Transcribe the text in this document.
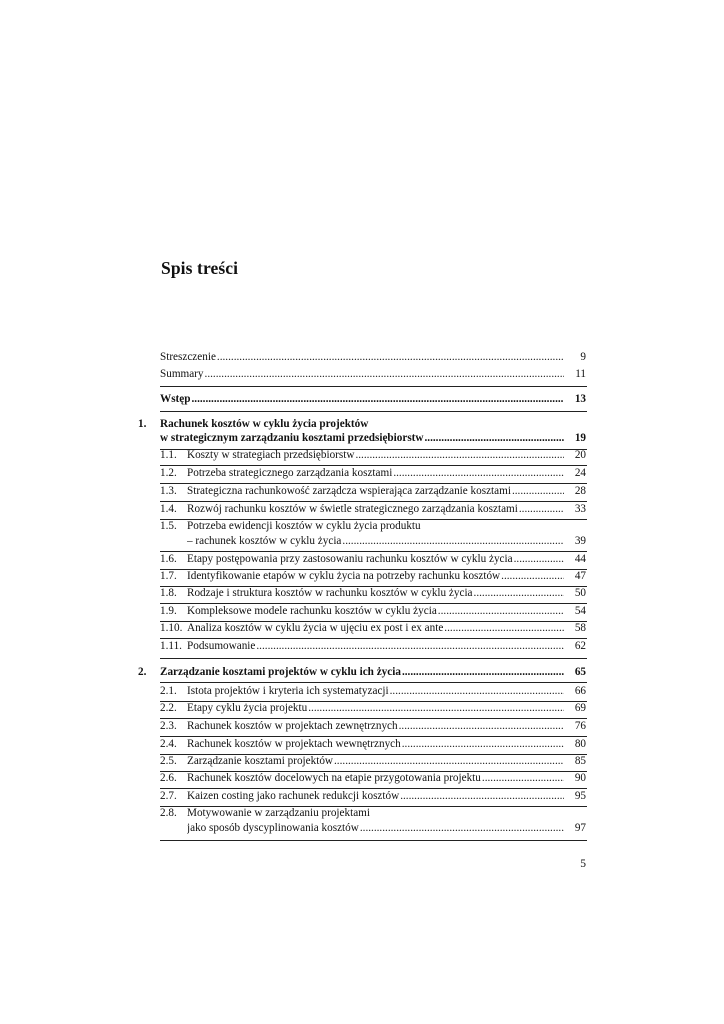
Spis treści
Streszczenie .....	9
Summary .....	11
Wstęp .....	13
1. Rachunek kosztów w cyklu życia projektów
w strategicznym zarządzaniu kosztami przedsiębiorstw .....	19
1.1. Koszty w strategiach przedsiębiorstw .....	20
1.2. Potrzeba strategicznego zarządzania kosztami .....	24
1.3. Strategiczna rachunkowość zarządcza wspierająca zarządzanie kosztami .....	28
1.4. Rozwój rachunku kosztów w świetle strategicznego zarządzania kosztami .....	33
1.5. Potrzeba ewidencji kosztów w cyklu życia produktu
– rachunek kosztów w cyklu życia .....	39
1.6. Etapy postępowania przy zastosowaniu rachunku kosztów w cyklu życia .....	44
1.7. Identyfikowanie etapów w cyklu życia na potrzeby rachunku kosztów .....	47
1.8. Rodzaje i struktura kosztów w rachunku kosztów w cyklu życia .....	50
1.9. Kompleksowe modele rachunku kosztów w cyklu życia .....	54
1.10. Analiza kosztów w cyklu życia w ujęciu ex post i ex ante .....	58
1.11. Podsumowanie .....	62
2. Zarządzanie kosztami projektów w cyklu ich życia .....	65
2.1. Istota projektów i kryteria ich systematyzacji .....	66
2.2. Etapy cyklu życia projektu .....	69
2.3. Rachunek kosztów w projektach zewnętrznych .....	76
2.4. Rachunek kosztów w projektach wewnętrznych .....	80
2.5. Zarządzanie kosztami projektów .....	85
2.6. Rachunek kosztów docelowych na etapie przygotowania projektu .....	90
2.7. Kaizen costing jako rachunek redukcji kosztów .....	95
2.8. Motywowanie w zarządzaniu projektami
jako sposób dyscyplinowania kosztów .....	97
5
